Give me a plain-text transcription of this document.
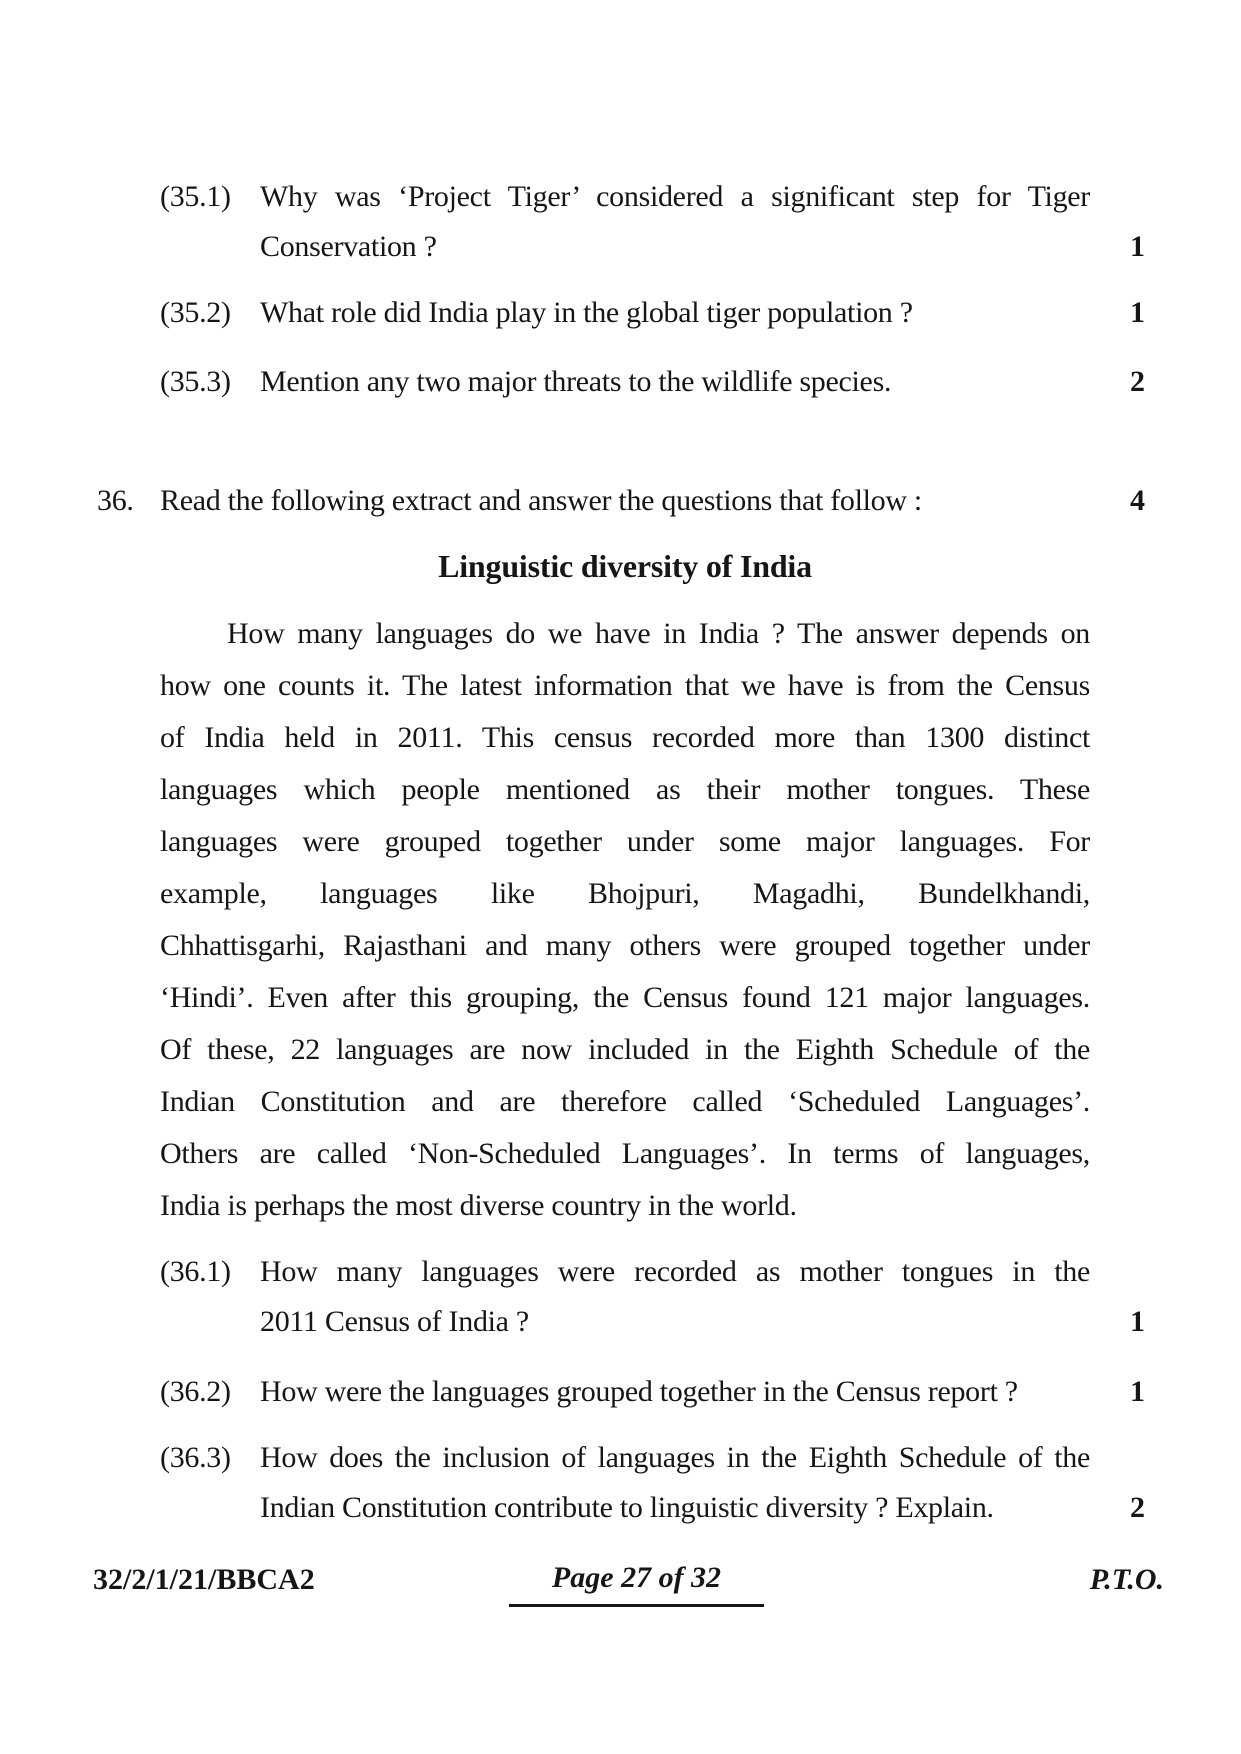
(35.1) Why was ‘Project Tiger’ considered a significant step for Tiger
Conservation ?	1
(35.2) What role did India play in the global tiger population ?	1
(35.3) Mention any two major threats to the wildlife species.	2
36. Read the following extract and answer the questions that follow :	4
Linguistic diversity of India
How many languages do we have in India ? The answer depends on
how one counts it. The latest information that we have is from the Census
of India held in 2011. This census recorded more than 1300 distinct
languages which people mentioned as their mother tongues. These
languages were grouped together under some major languages. For
example, languages like Bhojpuri, Magadhi, Bundelkhandi,
Chhattisgarhi, Rajasthani and many others were grouped together under
‘Hindi’. Even after this grouping, the Census found 121 major languages.
Of these, 22 languages are now included in the Eighth Schedule of the
Indian Constitution and are therefore called ‘Scheduled Languages’.
Others are called ‘Non-Scheduled Languages’. In terms of languages,
India is perhaps the most diverse country in the world.
(36.1) How many languages were recorded as mother tongues in the
2011 Census of India ?	1
(36.2) How were the languages grouped together in the Census report ?	1
(36.3) How does the inclusion of languages in the Eighth Schedule of the
Indian Constitution contribute to linguistic diversity ? Explain.	2
32/2/1/21/BBCA2	Page 27 of 32	P.T.O.
